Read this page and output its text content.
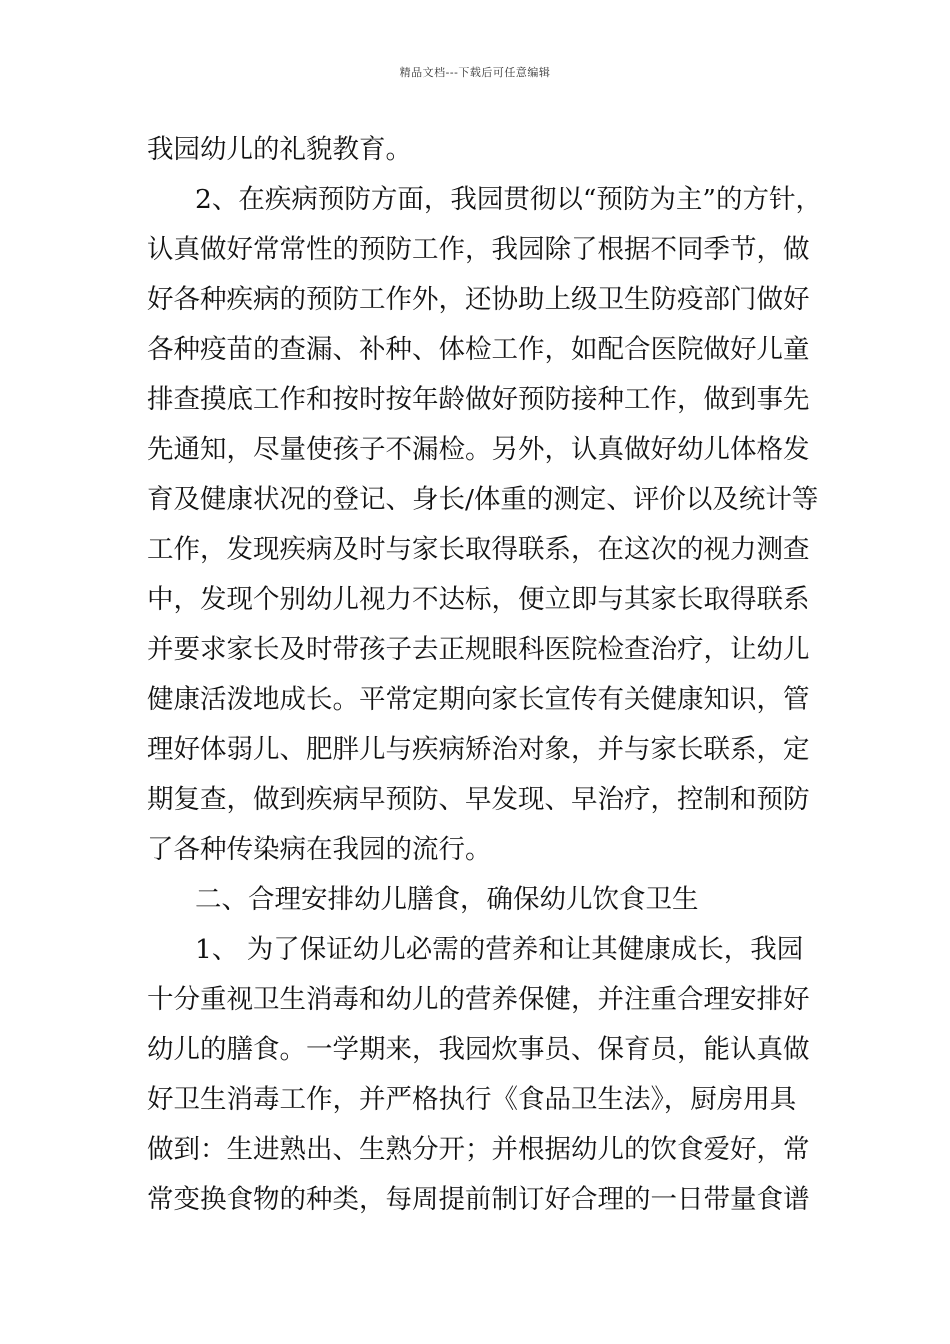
精品文档---下载后可任意编辑
我园幼儿的礼貌教育。
2、在疾病预防方面，我园贯彻以“预防为主”的方针，
认真做好常常性的预防工作，我园除了根据不同季节，做
好各种疾病的预防工作外，还协助上级卫生防疫部门做好
各种疫苗的查漏、补种、体检工作，如配合医院做好儿童
排查摸底工作和按时按年龄做好预防接种工作，做到事先
先通知，尽量使孩子不漏检。另外，认真做好幼儿体格发
育及健康状况的登记、身长/体重的测定、评价以及统计等
工作，发现疾病及时与家长取得联系，在这次的视力测查
中，发现个别幼儿视力不达标，便立即与其家长取得联系
并要求家长及时带孩子去正规眼科医院检查治疗，让幼儿
健康活泼地成长。平常定期向家长宣传有关健康知识，管
理好体弱儿、肥胖儿与疾病矫治对象，并与家长联系，定
期复查，做到疾病早预防、早发现、早治疗，控制和预防
了各种传染病在我园的流行。
二、合理安排幼儿膳食，确保幼儿饮食卫生
1、 为了保证幼儿必需的营养和让其健康成长，我园
十分重视卫生消毒和幼儿的营养保健，并注重合理安排好
幼儿的膳食。一学期来，我园炊事员、保育员，能认真做
好卫生消毒工作，并严格执行《食品卫生法》，厨房用具
做到：生进熟出、生熟分开；并根据幼儿的饮食爱好，常
常变换食物的种类，每周提前制订好合理的一日带量食谱
